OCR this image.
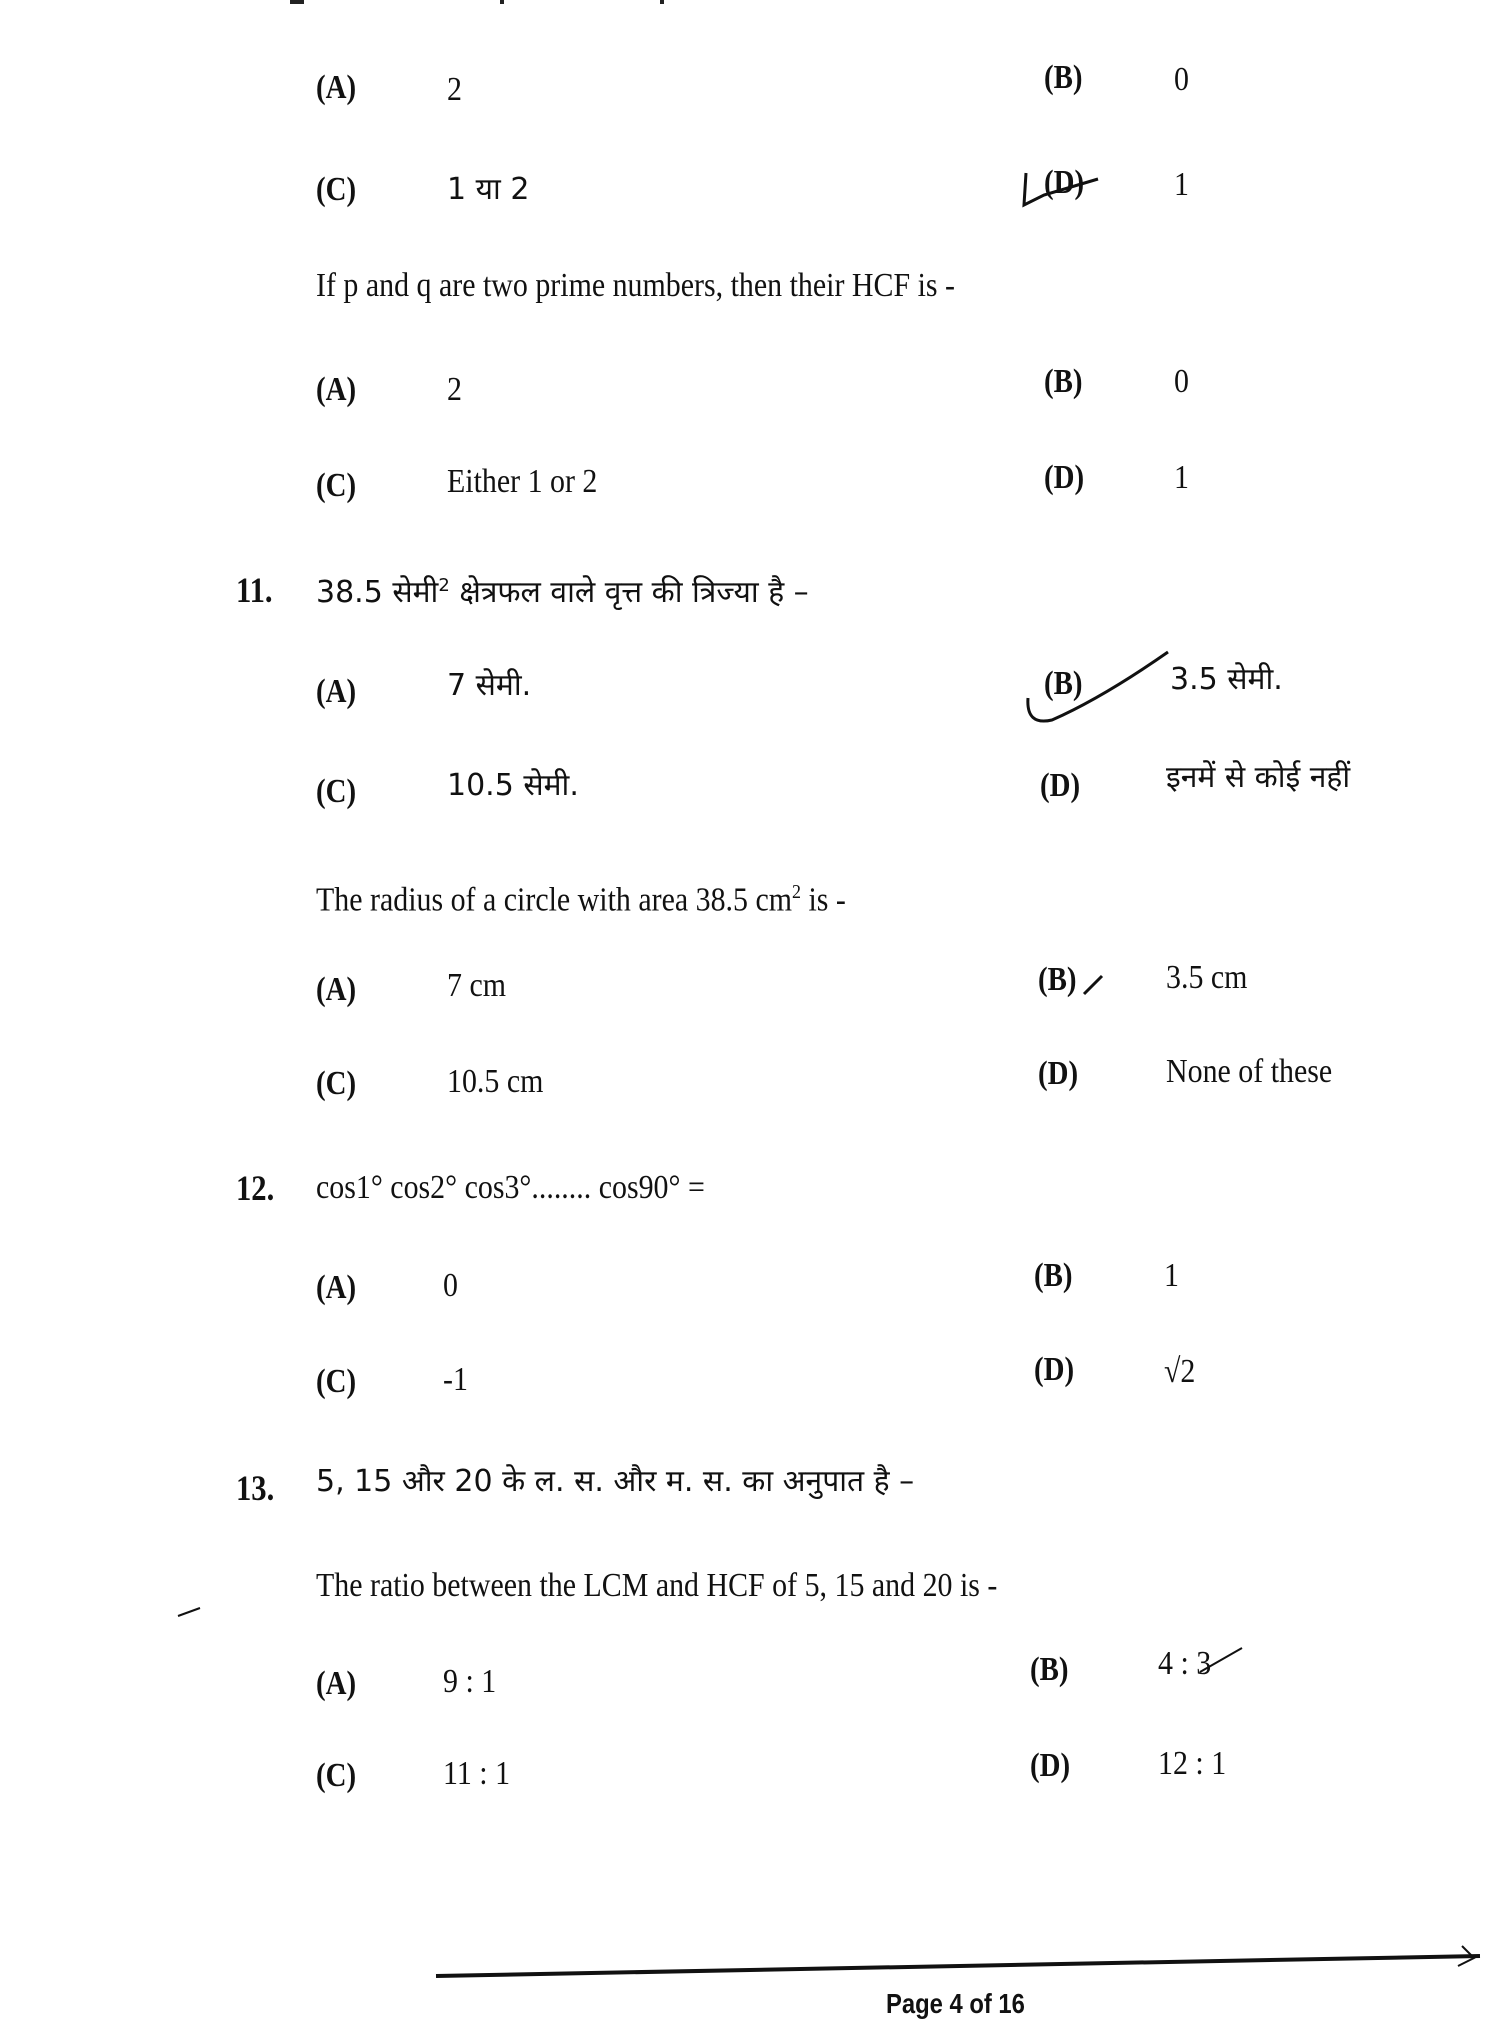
(A)	2	(B)	0
(C)	1 या 2	(D)	1
If p and q are two prime numbers, then their HCF is -
(A)	2	(B)	0
(C)	Either 1 or 2	(D)	1
11. 38.5 सेमी$^2$ क्षेत्रफल वाले वृत्त की त्रिज्या है –
(A)	7 सेमी.	(B)	3.5 सेमी.
(C)	10.5 सेमी.	(D)	इनमें से कोई नहीं
The radius of a circle with area 38.5 $cm^2$ is -
(A)	7 cm	(B)	3.5 cm
(C)	10.5 cm	(D)	None of these
12. cos1° cos2° cos3°........ cos90° =
(A)	0	(B)	1
(C)	-1	(D)	√2
13. 5, 15 और 20 के ल. स. और म. स. का अनुपात है –
The ratio between the LCM and HCF of 5, 15 and 20 is -
(A)	9 : 1	(B)	4 : 3
(C)	11 : 1	(D)	12 : 1
Page 4 of 16
